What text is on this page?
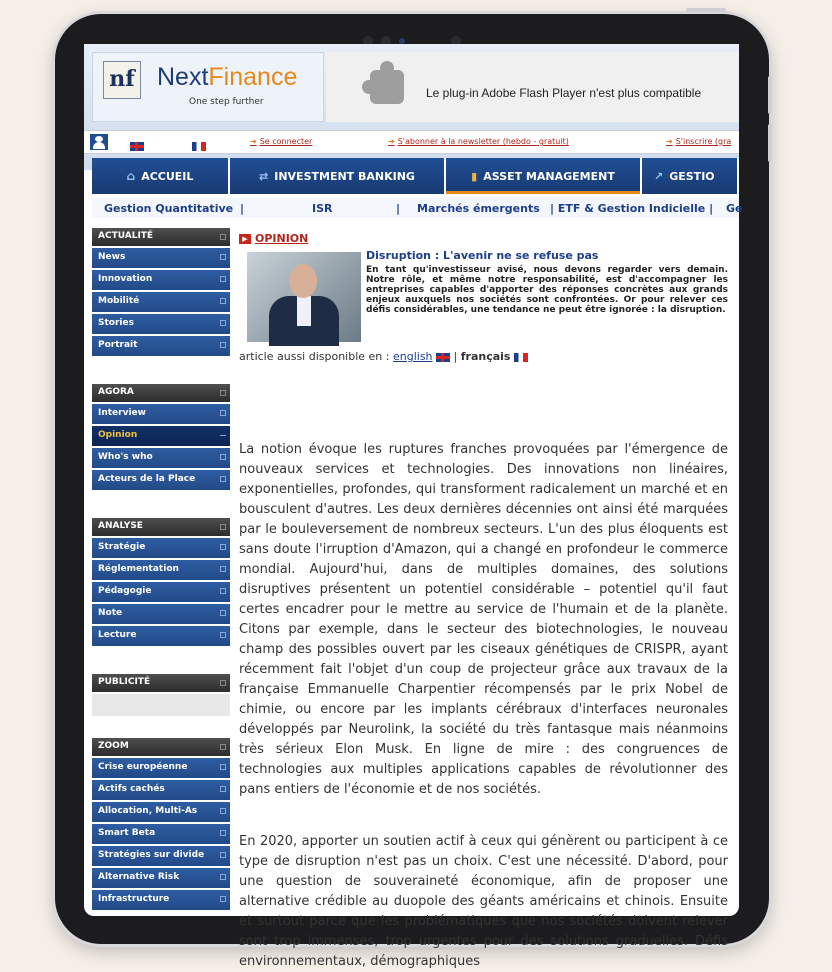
nf NextFinance
One step further
Le plug-in Adobe Flash Player n'est plus compatible
➔ Se connecter	➔ S'abonner à la newsletter (hebdo - gratuit)	➔ S'inscrire (gra
⌂ ACCUEIL	⇄ INVESTMENT BANKING	▮ ASSET MANAGEMENT	↗ GESTIO
Gestion Quantitative |	ISR	| Marchés émergents | ETF & Gestion Indicielle | Ge
ACTUALITÉ
News
Innovation
Mobilité
Stories
Portrait
AGORA
Interview
Opinion
Who's who
Acteurs de la Place
ANALYSE
Stratégie
Réglementation
Pédagogie
Note
Lecture
PUBLICITÉ
ZOOM
Crise européenne
Actifs cachés
Allocation, Multi-As
Smart Beta
Stratégies sur divide
Alternative Risk
Infrastructure
▶ OPINION
Disruption : L'avenir ne se refuse pas
En tant qu'investisseur avisé, nous devons regarder vers demain. Notre rôle, et même notre responsabilité, est d'accompagner les entreprises capables d'apporter des réponses concrètes aux grands enjeux auxquels nos sociétés sont confrontées. Or pour relever ces défis considérables, une tendance ne peut être ignorée : la disruption.
article aussi disponible en : english | français
La notion évoque les ruptures franches provoquées par l'émergence de nouveaux services et technologies. Des innovations non linéaires, exponentielles, profondes, qui transforment radicalement un marché et en bousculent d'autres. Les deux dernières décennies ont ainsi été marquées par le bouleversement de nombreux secteurs. L'un des plus éloquents est sans doute l'irruption d'Amazon, qui a changé en profondeur le commerce mondial. Aujourd'hui, dans de multiples domaines, des solutions disruptives présentent un potentiel considérable – potentiel qu'il faut certes encadrer pour le mettre au service de l'humain et de la planète. Citons par exemple, dans le secteur des biotechnologies, le nouveau champ des possibles ouvert par les ciseaux génétiques de CRISPR, ayant récemment fait l'objet d'un coup de projecteur grâce aux travaux de la française Emmanuelle Charpentier récompensés par le prix Nobel de chimie, ou encore par les implants cérébraux d'interfaces neuronales développés par Neurolink, la société du très fantasque mais néanmoins très sérieux Elon Musk. En ligne de mire : des congruences de technologies aux multiples applications capables de révolutionner des pans entiers de l'économie et de nos sociétés.
En 2020, apporter un soutien actif à ceux qui génèrent ou participent à ce type de disruption n'est pas un choix. C'est une nécessité. D'abord, pour une question de souveraineté économique, afin de proposer une alternative crédible au duopole des géants américains et chinois. Ensuite et surtout parce que les problématiques que nos sociétés doivent relever sont trop immenses, trop urgentes pour des solutions graduelles. Défis environnementaux, démographiques
